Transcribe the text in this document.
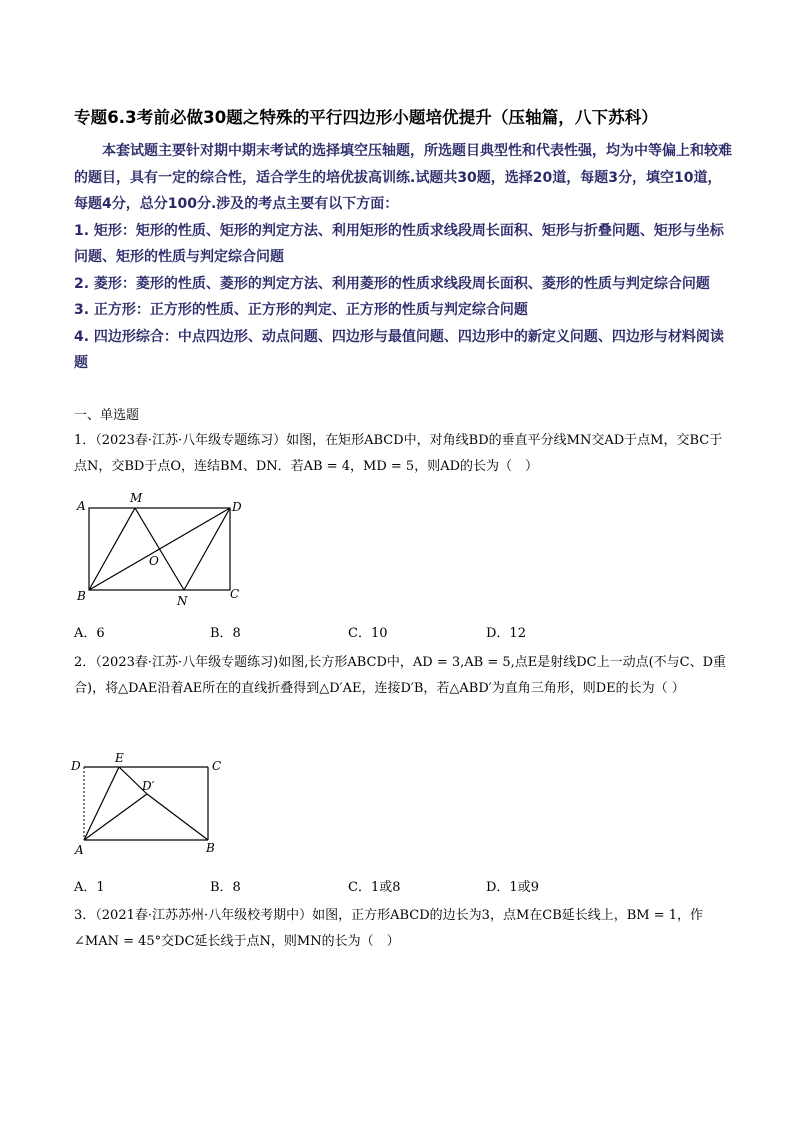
专题6.3考前必做30题之特殊的平行四边形小题培优提升（压轴篇，八下苏科）

本套试题主要针对期中期末考试的选择填空压轴题，所选题目典型性和代表性强，均为中等偏上和较难的题目，具有一定的综合性，适合学生的培优拔高训练.试题共30题，选择20道，每题3分，填空10道，每题4分，总分100分.涉及的考点主要有以下方面：

1. 矩形：矩形的性质、矩形的判定方法、利用矩形的性质求线段周长面积、矩形与折叠问题、矩形与坐标问题、矩形的性质与判定综合问题

2. 菱形：菱形的性质、菱形的判定方法、利用菱形的性质求线段周长面积、菱形的性质与判定综合问题

3. 正方形：正方形的性质、正方形的判定、正方形的性质与判定综合问题

4. 四边形综合：中点四边形、动点问题、四边形与最值问题、四边形中的新定义问题、四边形与材料阅读题

一、单选题

1．（2023春·江苏·八年级专题练习）如图，在矩形ABCD中，对角线BD的垂直平分线MN交AD于点M，交BC于点N，交BD于点O，连结BM、DN．若AB = 4，MD = 5，则AD的长为（　）

A
M
D
O
B	N	C
A．6	B．8	C．10	D．12

2．（2023春·江苏·八年级专题练习)如图,长方形ABCD中，AD = 3,AB = 5,点E是射线DC上一动点(不与C、D重合)，将△DAE沿着AE所在的直线折叠得到△D′AE，连接D′B，若△ABD′为直角三角形，则DE的长为（ ）

D
E
C
D′
A	B
A．1	B．8	C．1或8	D．1或9

3．（2021春·江苏苏州·八年级校考期中）如图，正方形ABCD的边长为3，点M在CB延长线上，BM = 1，作∠MAN = 45°交DC延长线于点N，则MN的长为（　）
